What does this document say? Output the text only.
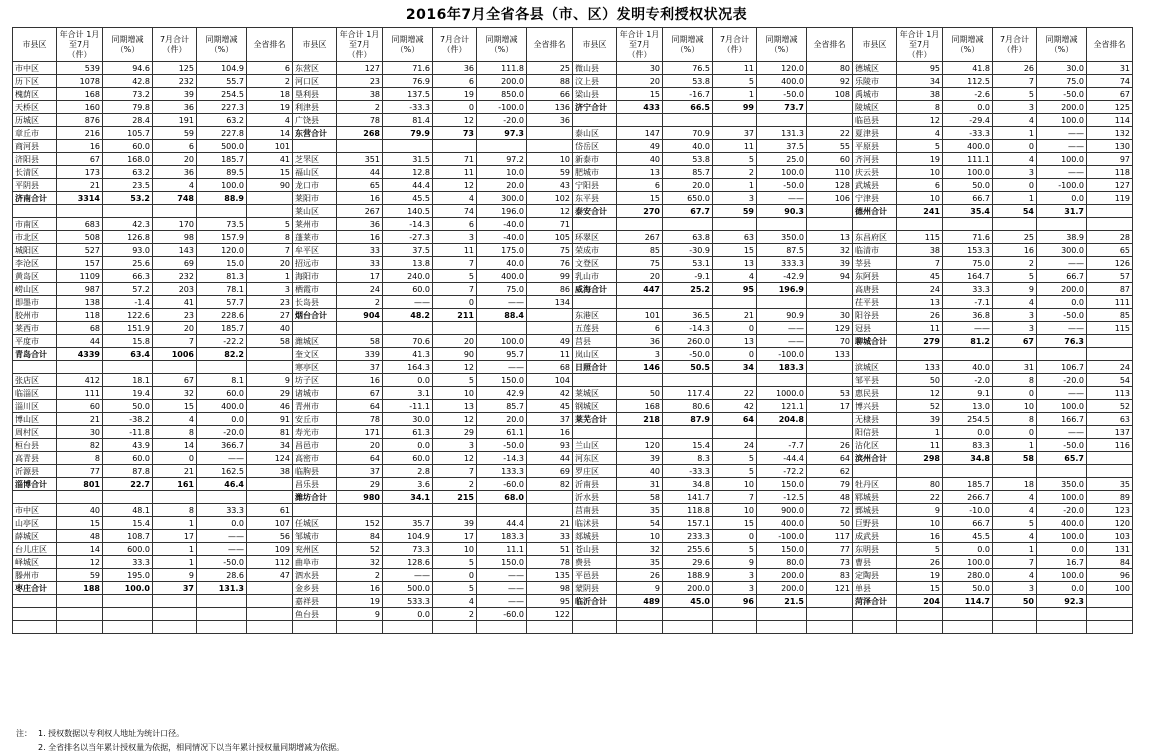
2016年7月全省各县（市、区）发明专利授权状况表
市县区	年合计 1月至7月 （件）	同期增减 （%）	7月合计 （件）	同期增减 （%）	全省排名	市县区	年合计 1月至7月 （件）	同期增减 （%）	7月合计 （件）	同期增减 （%）	全省排名	市县区	年合计 1月至7月 （件）	同期增减 （%）	7月合计 （件）	同期增减 （%）	全省排名	市县区	年合计 1月至7月 （件）	同期增减 （%）	7月合计 （件）	同期增减 （%）	全省排名
市中区	539	94.6	125	104.9	6	东营区	127	71.6	36	111.8	25	微山县	30	76.5	11	120.0	80	德城区	95	41.8	26	30.0	31
历下区	1078	42.8	232	55.7	2	河口区	23	76.9	6	200.0	88	汶上县	20	53.8	5	400.0	92	乐陵市	34	112.5	7	75.0	74
槐荫区	168	73.2	39	254.5	18	垦利县	38	137.5	19	850.0	66	梁山县	15	-16.7	1	-50.0	108	禹城市	38	-2.6	5	-50.0	67
天桥区	160	79.8	36	227.3	19	利津县	2	-33.3	0	-100.0	136	济宁合计	433	66.5	99	73.7		陵城区	8	0.0	3	200.0	125
历城区	876	28.4	191	63.2	4	广饶县	78	81.4	12	-20.0	36							临邑县	12	-29.4	4	100.0	114
章丘市	216	105.7	59	227.8	14	东营合计	268	79.9	73	97.3		泰山区	147	70.9	37	131.3	22	夏津县	4	-33.3	1	——	132
商河县	16	60.0	6	500.0	101							岱岳区	49	40.0	11	37.5	55	平原县	5	400.0	0	——	130
济阳县	67	168.0	20	185.7	41	芝罘区	351	31.5	71	97.2	10	新泰市	40	53.8	5	25.0	60	齐河县	19	111.1	4	100.0	97
长清区	173	63.2	36	89.5	15	福山区	44	12.8	11	10.0	59	肥城市	13	85.7	2	100.0	110	庆云县	10	100.0	3	——	118
平阴县	21	23.5	4	100.0	90	龙口市	65	44.4	12	20.0	43	宁阳县	6	20.0	1	-50.0	128	武城县	6	50.0	0	-100.0	127
济南合计	3314	53.2	748	88.9		莱阳市	16	45.5	4	300.0	102	东平县	15	650.0	3	——	106	宁津县	10	66.7	1	0.0	119
						莱山区	267	140.5	74	196.0	12	泰安合计	270	67.7	59	90.3		德州合计	241	35.4	54	31.7	
市南区	683	42.3	170	73.5	5	莱州市	36	-14.3	6	-40.0	71												
市北区	508	126.8	98	157.9	8	蓬莱市	16	-27.3	3	-40.0	105	环翠区	267	63.8	63	350.0	13	东昌府区	115	71.6	25	38.9	28
城阳区	527	93.0	143	120.0	7	牟平区	33	37.5	11	175.0	75	荣成市	85	-30.9	15	87.5	32	临清市	38	153.3	16	300.0	65
李沧区	157	25.6	69	15.0	20	招远市	33	13.8	7	40.0	76	文登区	75	53.1	13	333.3	39	莘县	7	75.0	2	——	126
黄岛区	1109	66.3	232	81.3	1	海阳市	17	240.0	5	400.0	99	乳山市	20	-9.1	4	-42.9	94	东阿县	45	164.7	5	66.7	57
崂山区	987	57.2	203	78.1	3	栖霞市	24	60.0	7	75.0	86	威海合计	447	25.2	95	196.9		高唐县	24	33.3	9	200.0	87
即墨市	138	-1.4	41	57.7	23	长岛县	2	——	0	——	134							茌平县	13	-7.1	4	0.0	111
胶州市	118	122.6	23	228.6	27	烟台合计	904	48.2	211	88.4		东港区	101	36.5	21	90.9	30	阳谷县	26	36.8	3	-50.0	85
莱西市	68	151.9	20	185.7	40							五莲县	6	-14.3	0	——	129	冠县	11	——	3	——	115
平度市	44	15.8	7	-22.2	58	潍城区	58	70.6	20	100.0	49	莒县	36	260.0	13	——	70	聊城合计	279	81.2	67	76.3	
青岛合计	4339	63.4	1006	82.2		奎文区	339	41.3	90	95.7	11	岚山区	3	-50.0	0	-100.0	133						
						寒亭区	37	164.3	12	——	68	日照合计	146	50.5	34	183.3		滨城区	133	40.0	31	106.7	24
张店区	412	18.1	67	8.1	9	坊子区	16	0.0	5	150.0	104							邹平县	50	-2.0	8	-20.0	54
临淄区	111	19.4	32	60.0	29	诸城市	67	3.1	10	42.9	42	莱城区	50	117.4	22	1000.0	53	惠民县	12	9.1	0	——	113
淄川区	60	50.0	15	400.0	46	青州市	64	-11.1	13	85.7	45	钢城区	168	80.6	42	121.1	17	博兴县	52	13.0	10	100.0	52
博山区	21	-38.2	4	0.0	91	安丘市	78	30.0	12	20.0	37	莱芜合计	218	87.9	64	204.8		无棣县	39	254.5	8	166.7	63
周村区	30	-11.8	8	-20.0	81	寿光市	171	61.3	29	61.1	16							阳信县	1	0.0	0	——	137
桓台县	82	43.9	14	366.7	34	昌邑市	20	0.0	3	-50.0	93	兰山区	120	15.4	24	-7.7	26	沾化区	11	83.3	1	-50.0	116
高青县	8	60.0	0	——	124	高密市	64	60.0	12	-14.3	44	河东区	39	8.3	5	-44.4	64	滨州合计	298	34.8	58	65.7	
沂源县	77	87.8	21	162.5	38	临朐县	37	2.8	7	133.3	69	罗庄区	40	-33.3	5	-72.2	62						
淄博合计	801	22.7	161	46.4		昌乐县	29	3.6	2	-60.0	82	沂南县	31	34.8	10	150.0	79	牡丹区	80	185.7	18	350.0	35
						潍坊合计	980	34.1	215	68.0		沂水县	58	141.7	7	-12.5	48	郓城县	22	266.7	4	100.0	89
市中区	40	48.1	8	33.3	61							莒南县	35	118.8	10	900.0	72	鄄城县	9	-10.0	4	-20.0	123
山亭区	15	15.4	1	0.0	107	任城区	152	35.7	39	44.4	21	临沭县	54	157.1	15	400.0	50	巨野县	10	66.7	5	400.0	120
薛城区	48	108.7	17	——	56	邹城市	84	104.9	17	183.3	33	郯城县	10	233.3	0	-100.0	117	成武县	16	45.5	4	100.0	103
台儿庄区	14	600.0	1	——	109	兖州区	52	73.3	10	11.1	51	苍山县	32	255.6	5	150.0	77	东明县	5	0.0	1	0.0	131
峄城区	12	33.3	1	-50.0	112	曲阜市	32	128.6	5	150.0	78	费县	35	29.6	9	80.0	73	曹县	26	100.0	7	16.7	84
滕州市	59	195.0	9	28.6	47	泗水县	2	——	0	——	135	平邑县	26	188.9	3	200.0	83	定陶县	19	280.0	4	100.0	96
枣庄合计	188	100.0	37	131.3		金乡县	16	500.0	5	——	98	蒙阴县	9	200.0	3	200.0	121	单县	15	50.0	3	0.0	100
						嘉祥县	19	533.3	4	——	95	临沂合计	489	45.0	96	21.5		菏泽合计	204	114.7	50	92.3	
						鱼台县	9	0.0	2	-60.0	122												

注： 1. 授权数据以专利权人地址为统计口径。
2. 全省排名以当年累计授权量为依据，相同情况下以当年累计授权量同期增减为依据。
